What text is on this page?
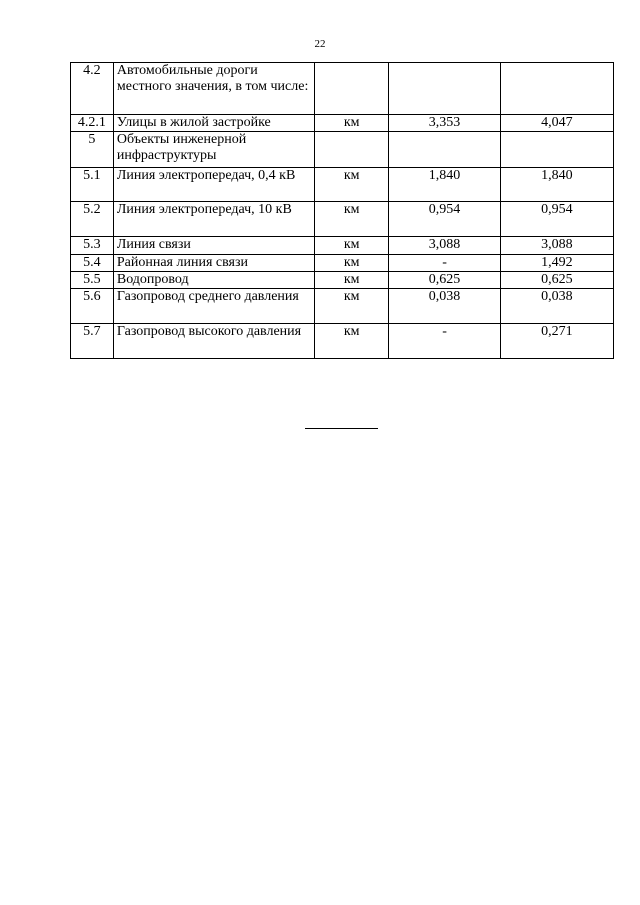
22
4.2	Автомобильные дороги местного значения, в том числе:			
4.2.1	Улицы в жилой застройке	км	3,353	4,047
5	Объекты инженерной инфраструктуры			
5.1	Линия электропередач, 0,4 кВ	км	1,840	1,840
5.2	Линия электропередач, 10 кВ	км	0,954	0,954
5.3	Линия связи	км	3,088	3,088
5.4	Районная линия связи	км	-	1,492
5.5	Водопровод	км	0,625	0,625
5.6	Газопровод среднего давления	км	0,038	0,038
5.7	Газопровод высокого давления	км	-	0,271
